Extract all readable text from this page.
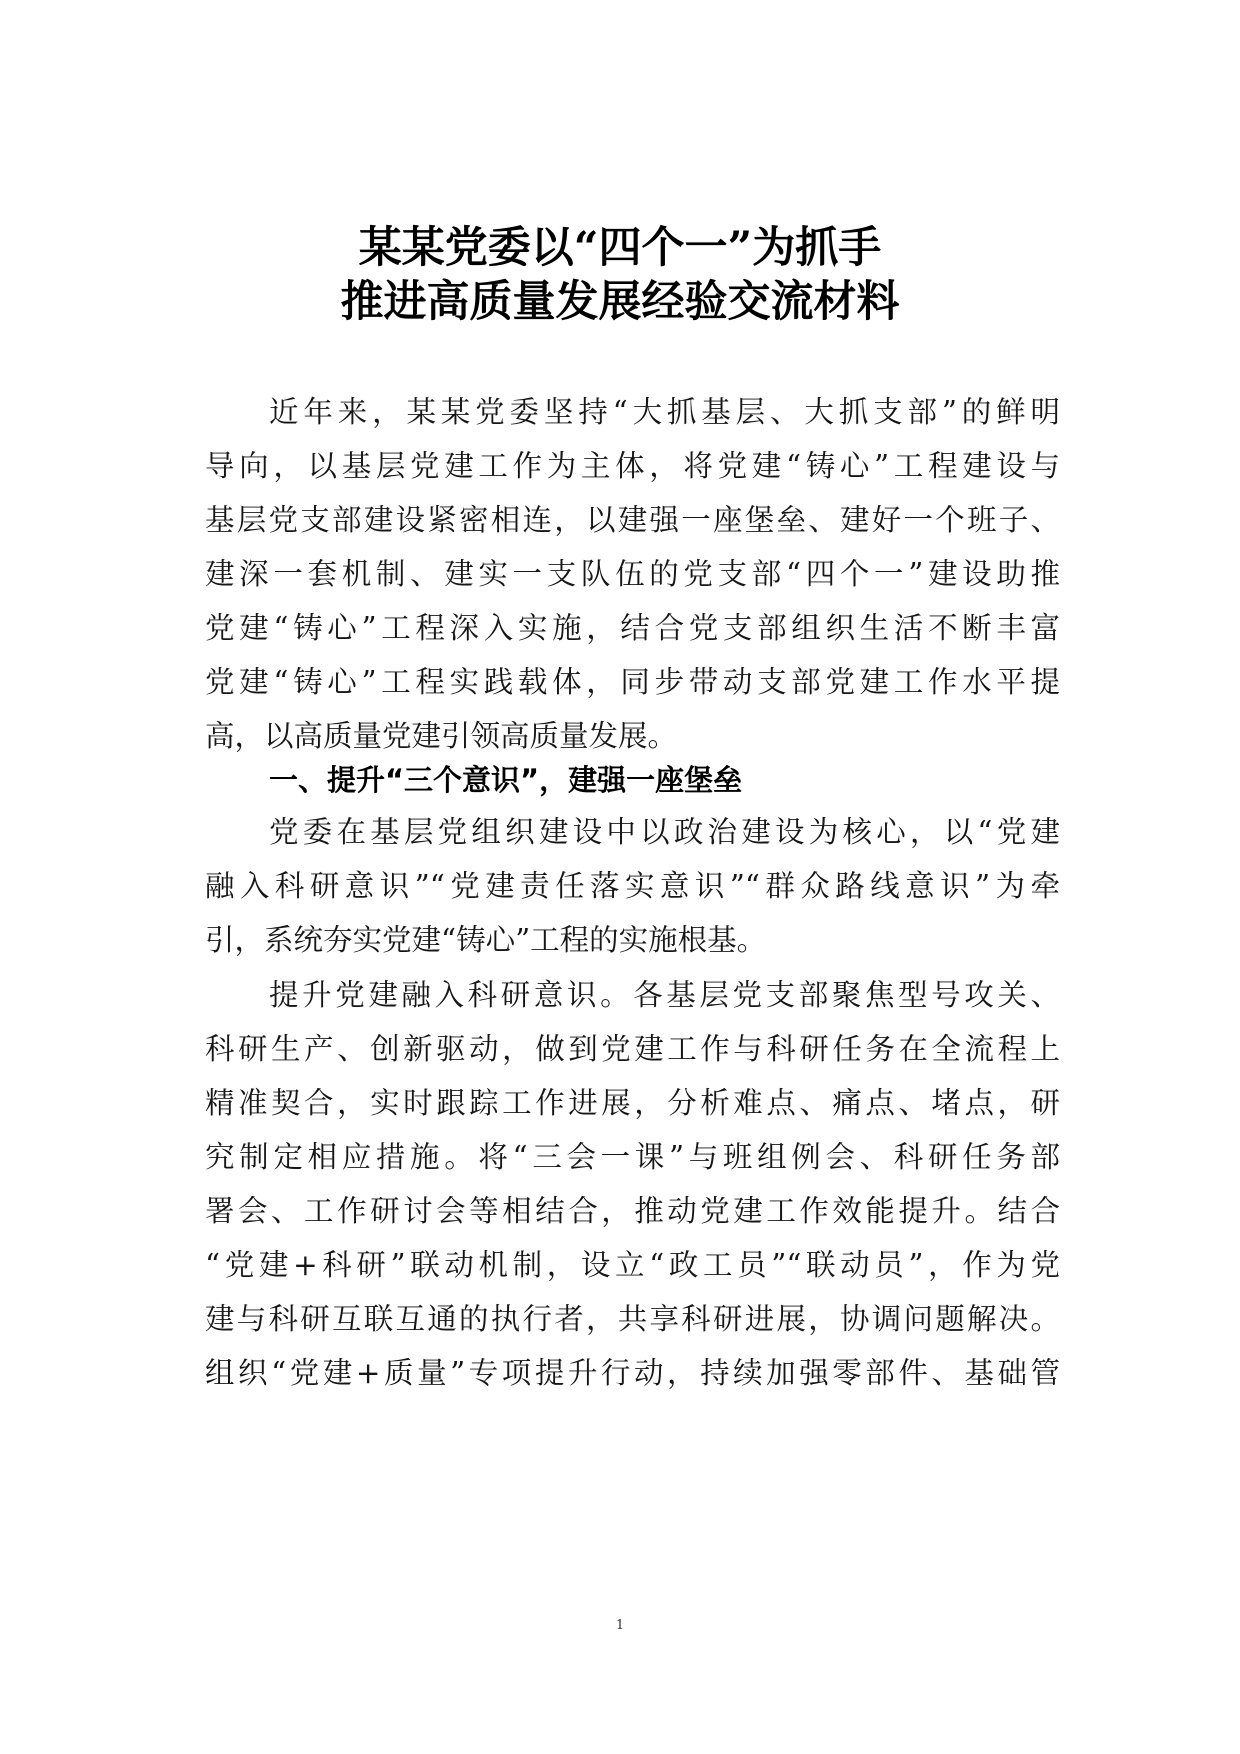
某某党委以“四个一”为抓手
推进高质量发展经验交流材料
近年来，某某党委坚持“大抓基层、大抓支部”的鲜明
导向，以基层党建工作为主体，将党建“铸心”工程建设与
基层党支部建设紧密相连，以建强一座堡垒、建好一个班子、
建深一套机制、建实一支队伍的党支部“四个一”建设助推
党建“铸心”工程深入实施，结合党支部组织生活不断丰富
党建“铸心”工程实践载体，同步带动支部党建工作水平提
高，以高质量党建引领高质量发展。
一、提升“三个意识”，建强一座堡垒
党委在基层党组织建设中以政治建设为核心，以“党建
融入科研意识”“党建责任落实意识”“群众路线意识”为牵
引，系统夯实党建“铸心”工程的实施根基。
提升党建融入科研意识。各基层党支部聚焦型号攻关、
科研生产、创新驱动，做到党建工作与科研任务在全流程上
精准契合，实时跟踪工作进展，分析难点、痛点、堵点，研
究制定相应措施。将“三会一课”与班组例会、科研任务部
署会、工作研讨会等相结合，推动党建工作效能提升。结合
“党建+科研”联动机制，设立“政工员”“联动员”，作为党
建与科研互联互通的执行者，共享科研进展，协调问题解决。
组织“党建+质量”专项提升行动，持续加强零部件、基础管
1
